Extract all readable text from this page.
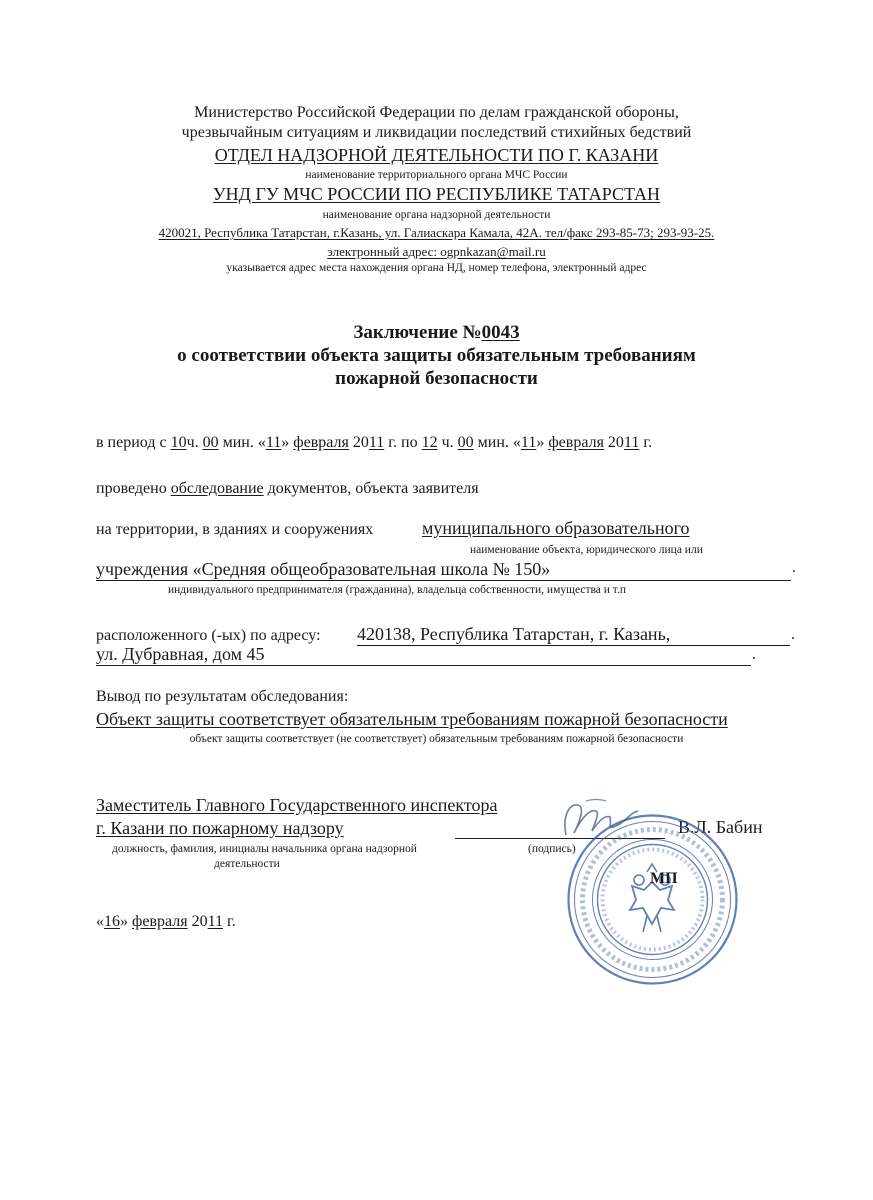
Министерство Российской Федерации по делам гражданской обороны,
чрезвычайным ситуациям и ликвидации последствий стихийных бедствий
ОТДЕЛ НАДЗОРНОЙ ДЕЯТЕЛЬНОСТИ ПО Г. КАЗАНИ
наименование территориального органа МЧС России
УНД ГУ МЧС РОССИИ ПО РЕСПУБЛИКЕ ТАТАРСТАН
наименование органа надзорной деятельности
420021, Республика Татарстан, г.Казань, ул. Галиаскара Камала, 42А. тел/факс 293-85-73; 293-93-25.
электронный адрес: ogpnkazan@mail.ru
указывается адрес места нахождения органа НД, номер телефона, электронный адрес
Заключение №0043
о соответствии объекта защиты обязательным требованиям
пожарной безопасности
в период с 10ч. 00 мин. «11» февраля 2011 г. по 12 ч. 00 мин. «11» февраля 2011 г.
проведено обследование документов, объекта заявителя
на территории, в зданиях и сооружениях	муниципального образовательного
наименование объекта, юридического лица или
учреждения «Средняя общеобразовательная школа № 150»	.
индивидуального предпринимателя (гражданина), владельца собственности, имущества и т.п
расположенного (-ых) по адресу: 420138, Республика Татарстан, г. Казань,	.
ул. Дубравная, дом 45	.
Вывод по результатам обследования:
Объект защиты соответствует обязательным требованиям пожарной безопасности
объект защиты соответствует (не соответствует) обязательным требованиям пожарной безопасности
Заместитель Главного Государственного инспектора
г. Казани по пожарному надзору	В.Л. Бабин
должность, фамилия, инициалы начальника органа надзорной
деятельности
(подпись)
МП
«16» февраля 2011 г.
